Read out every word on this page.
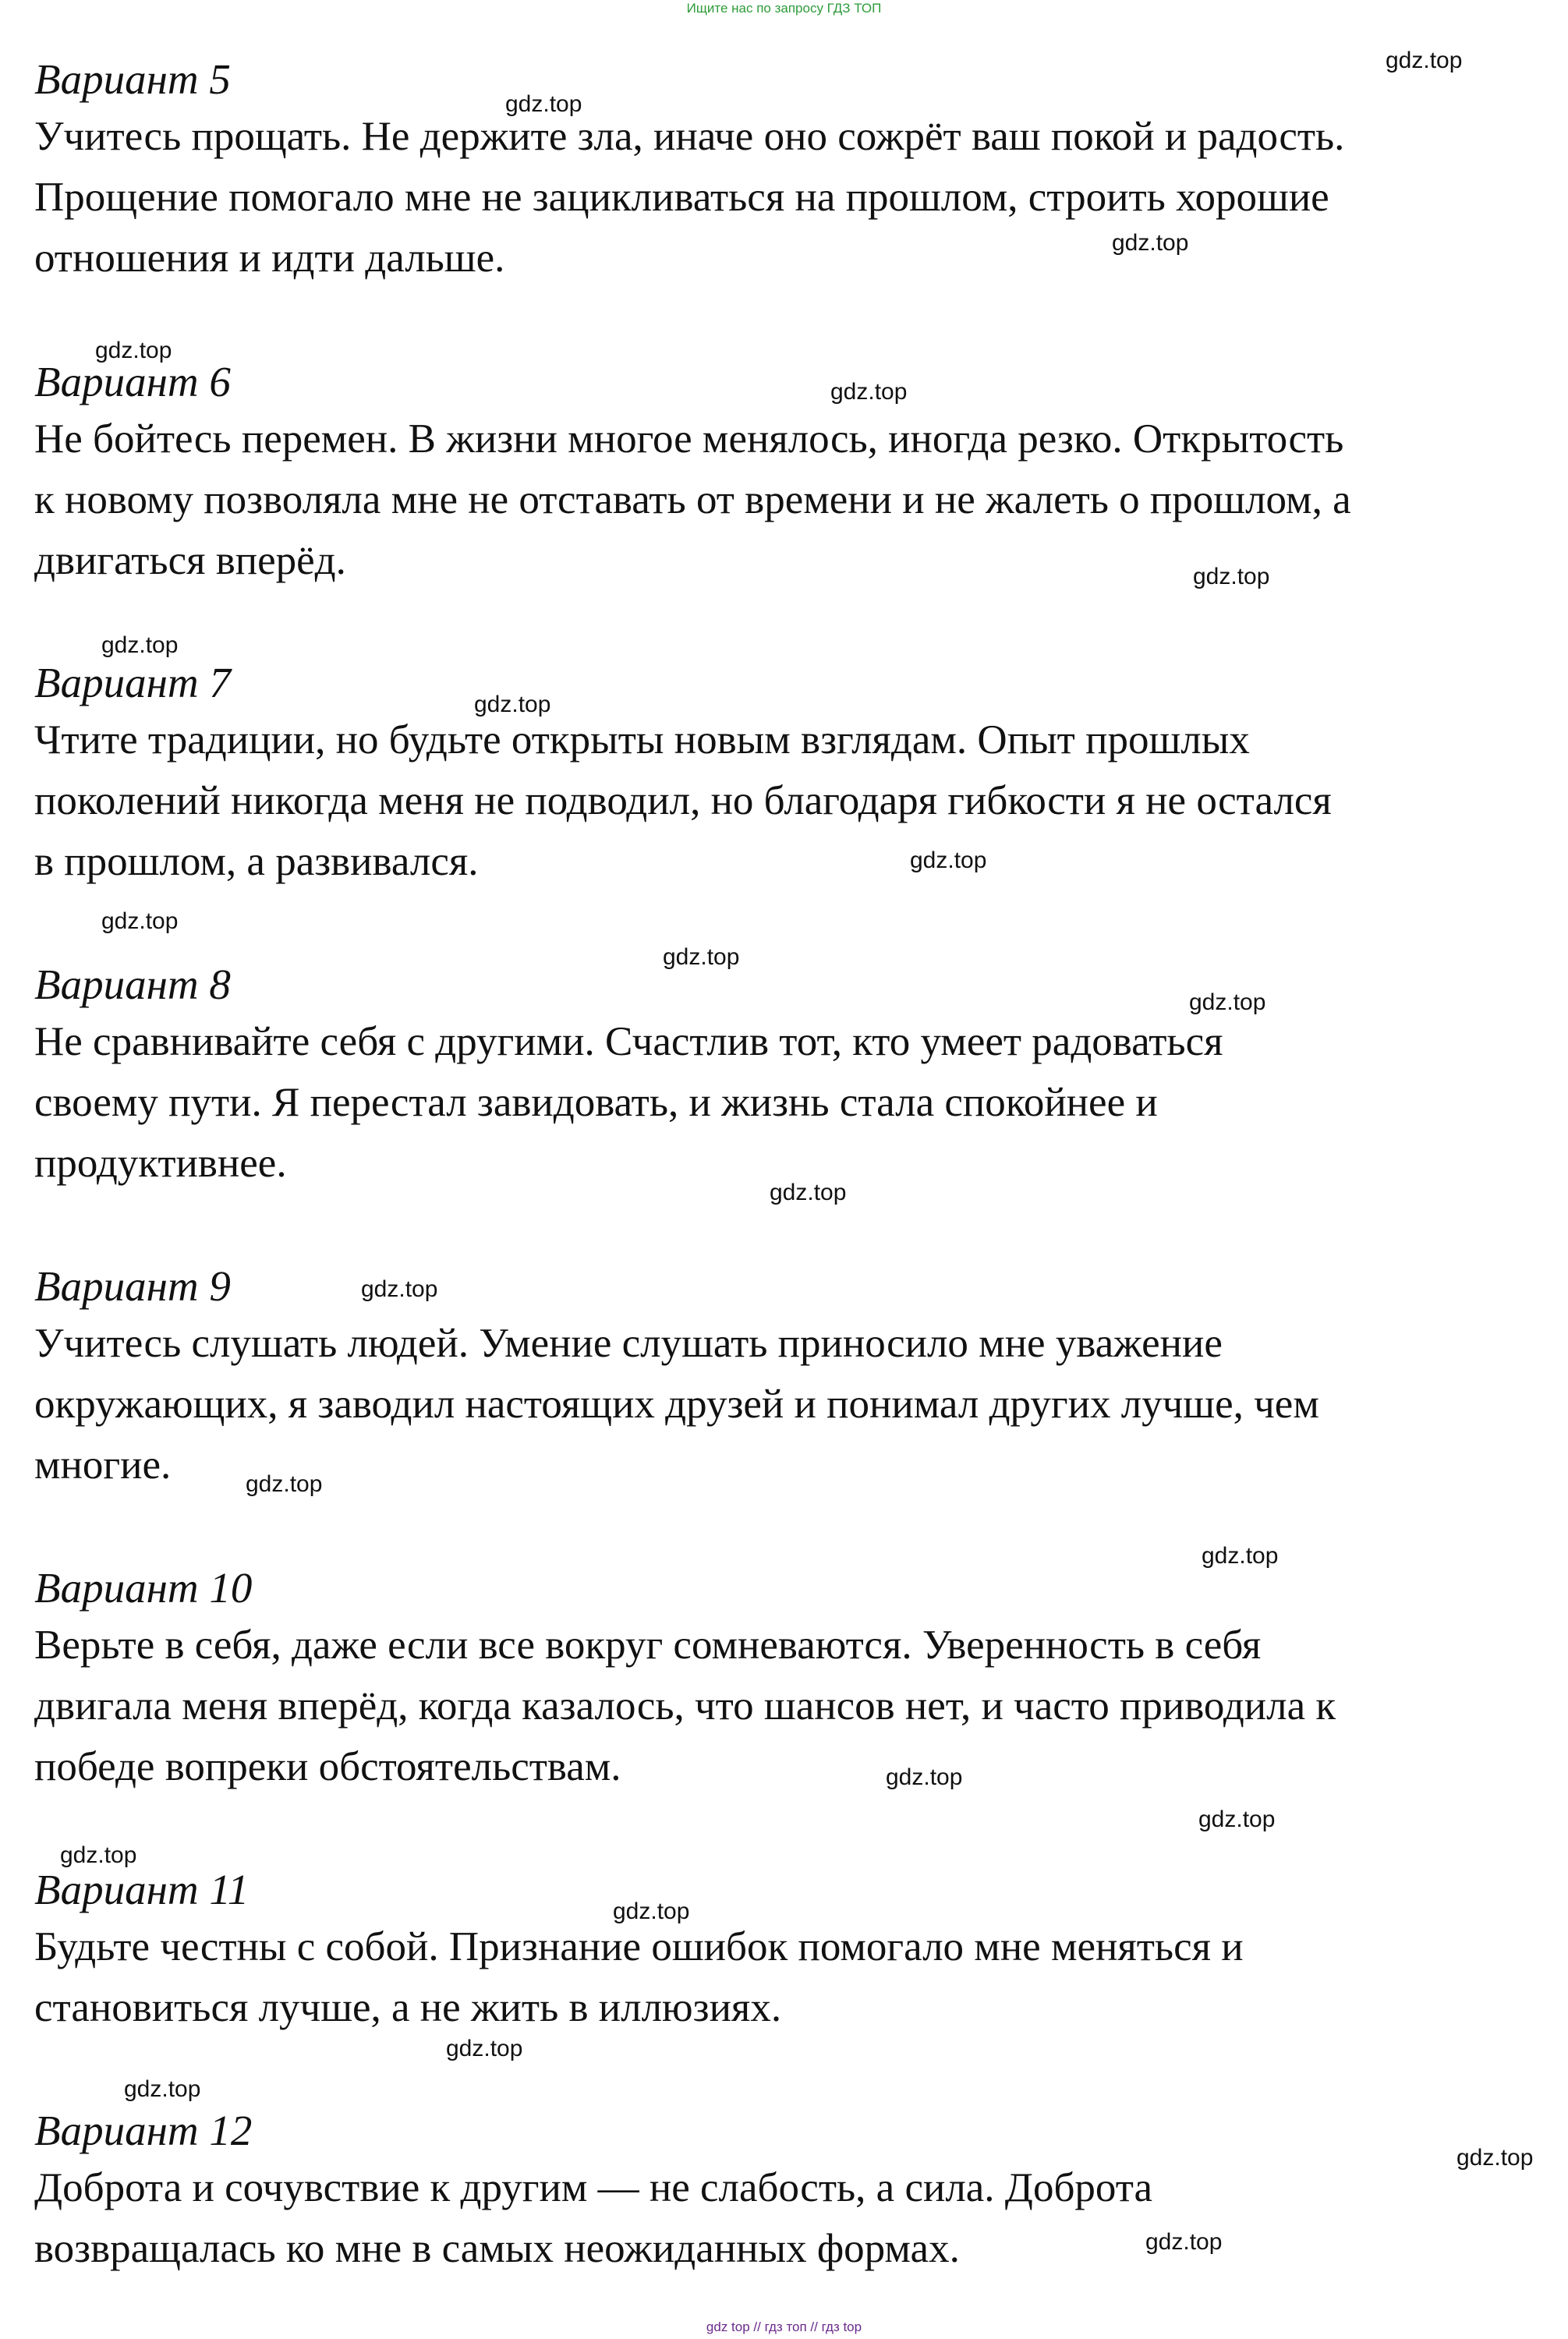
Ищите нас по запросу ГДЗ ТОП
Вариант 5
Учитесь прощать. Не держите зла, иначе оно сожрёт ваш покой и радость.
Прощение помогало мне не зацикливаться на прошлом, строить хорошие
отношения и идти дальше.
Вариант 6
Не бойтесь перемен. В жизни многое менялось, иногда резко. Открытость
к новому позволяла мне не отставать от времени и не жалеть о прошлом, а
двигаться вперёд.
Вариант 7
Чтите традиции, но будьте открыты новым взглядам. Опыт прошлых
поколений никогда меня не подводил, но благодаря гибкости я не остался
в прошлом, а развивался.
Вариант 8
Не сравнивайте себя с другими. Счастлив тот, кто умеет радоваться
своему пути. Я перестал завидовать, и жизнь стала спокойнее и
продуктивнее.
Вариант 9
Учитесь слушать людей. Умение слушать приносило мне уважение
окружающих, я заводил настоящих друзей и понимал других лучше, чем
многие.
Вариант 10
Верьте в себя, даже если все вокруг сомневаются. Уверенность в себя
двигала меня вперёд, когда казалось, что шансов нет, и часто приводила к
победе вопреки обстоятельствам.
Вариант 11
Будьте честны с собой. Признание ошибок помогало мне меняться и
становиться лучше, а не жить в иллюзиях.
Вариант 12
Доброта и сочувствие к другим — не слабость, а сила. Доброта
возвращалась ко мне в самых неожиданных формах.
gdz.top
gdz.top
gdz.top
gdz.top
gdz.top
gdz.top
gdz.top
gdz.top
gdz.top
gdz.top
gdz.top
gdz.top
gdz.top
gdz.top
gdz.top
gdz.top
gdz.top
gdz.top
gdz.top
gdz.top
gdz.top
gdz.top
gdz.top
gdz.top
gdz top // гдз топ // гдз top
